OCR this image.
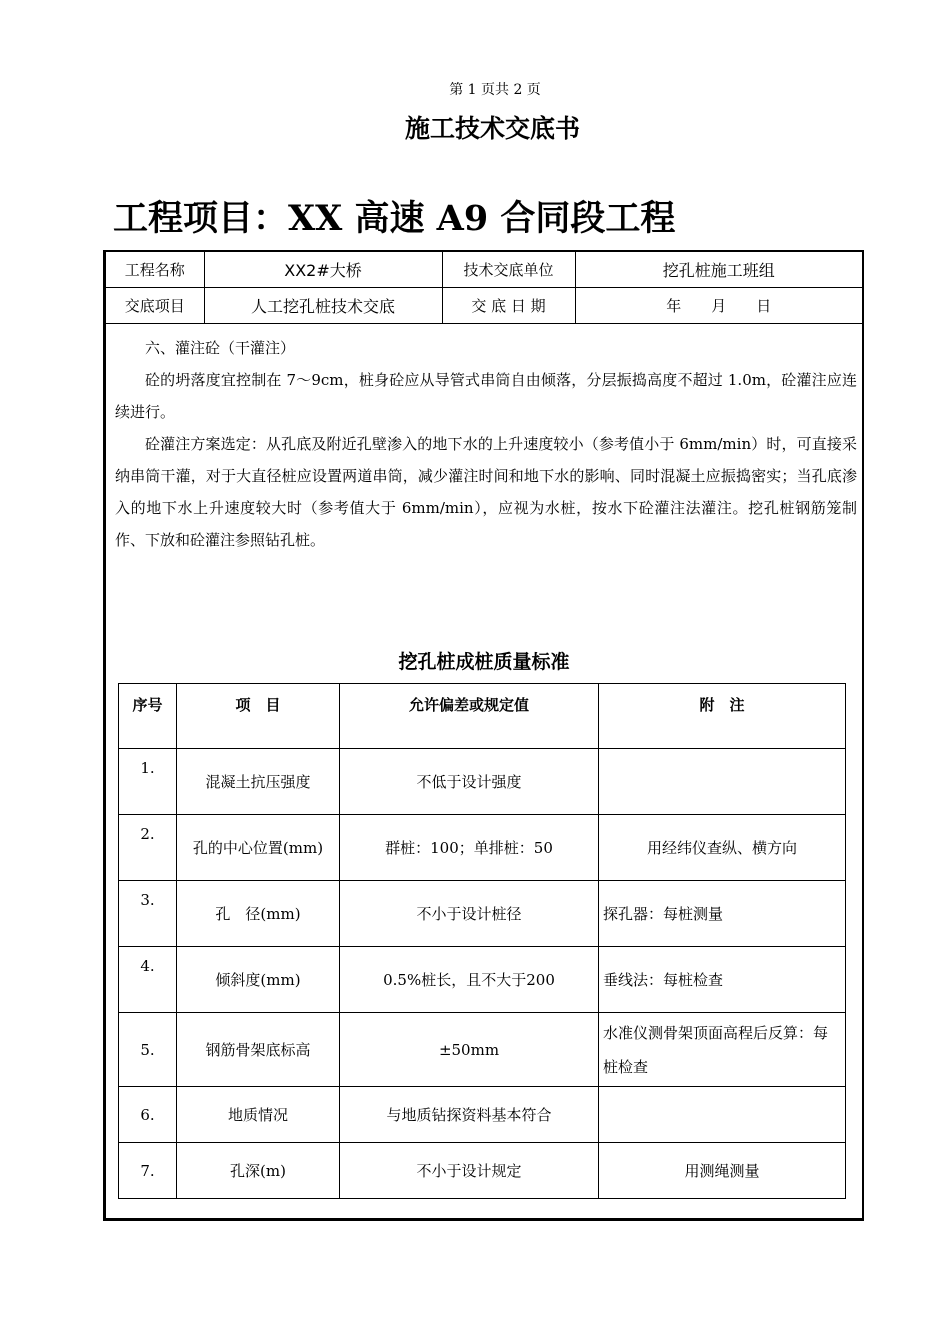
第 1 页共 2 页
施工技术交底书
工程项目：XX 高速 A9 合同段工程
工程名称	XX2#大桥	技术交底单位	挖孔桩施工班组
交底项目	人工挖孔桩技术交底	交 底 日 期	年　　月　　日

六、灌注砼（干灌注）

砼的坍落度宜控制在 7～9cm，桩身砼应从导管式串筒自由倾落，分层振捣高度不超过 1.0m，砼灌注应连续进行。

砼灌注方案选定：从孔底及附近孔壁渗入的地下水的上升速度较小（参考值小于 6mm/min）时，可直接采纳串筒干灌，对于大直径桩应设置两道串筒，减少灌注时间和地下水的影响、同时混凝土应振捣密实；当孔底渗入的地下水上升速度较大时（参考值大于 6mm/min），应视为水桩，按水下砼灌注法灌注。挖孔桩钢筋笼制作、下放和砼灌注参照钻孔桩。

挖孔桩成桩质量标准
序号	项　目	允许偏差或规定值	附　注
1.	混凝土抗压强度	不低于设计强度	
2.	孔的中心位置(mm)	群桩：100；单排桩：50	用经纬仪查纵、横方向
3.	孔　径(mm)	不小于设计桩径	探孔器：每桩测量
4.	倾斜度(mm)	0.5%桩长，且不大于200	垂线法：每桩检查
5.	钢筋骨架底标高	±50mm	水准仪测骨架顶面高程后反算：每桩检查
6.	地质情况	与地质钻探资料基本符合	
7.	孔深(m)	不小于设计规定	用测绳测量
